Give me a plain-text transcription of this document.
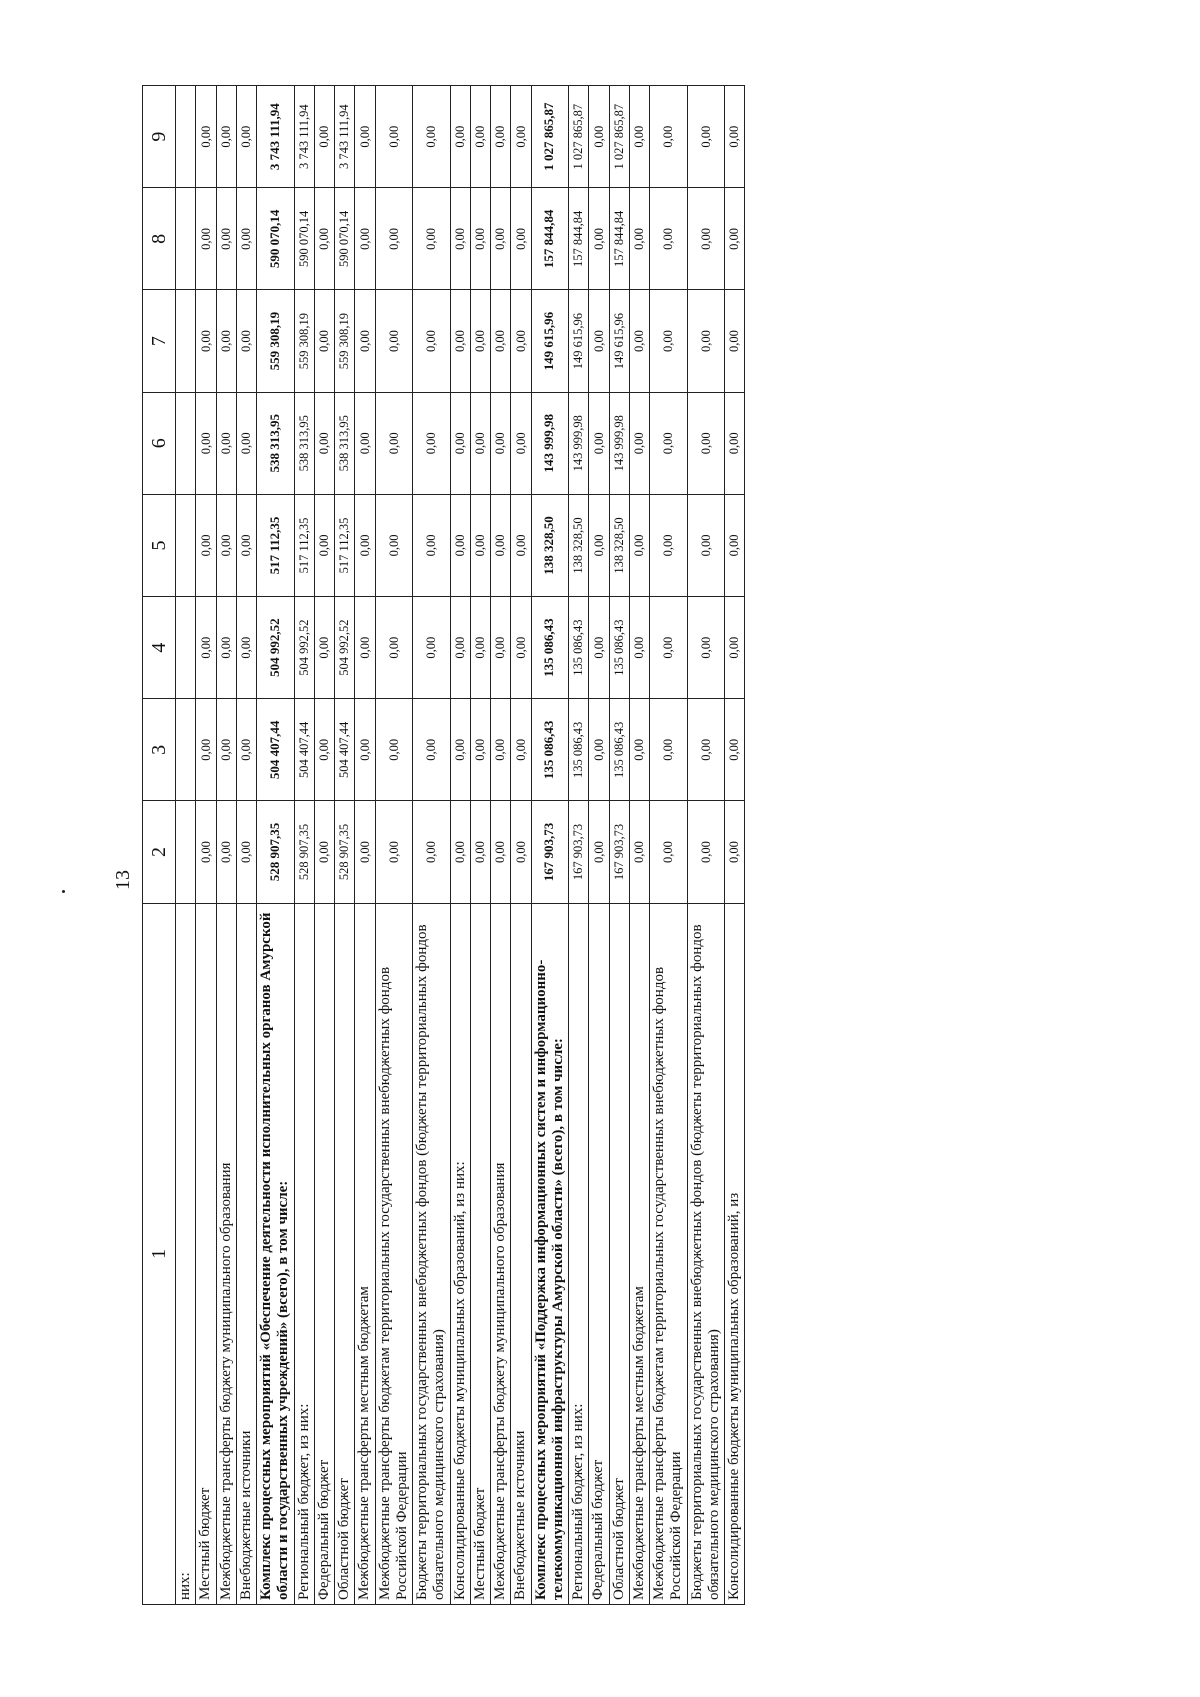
13
1	2	3	4	5	6	7	8	9
них:								
Местный бюджет	0,00	0,00	0,00	0,00	0,00	0,00	0,00	0,00
Межбюджетные трансферты бюджету муниципального образования	0,00	0,00	0,00	0,00	0,00	0,00	0,00	0,00
Внебюджетные источники	0,00	0,00	0,00	0,00	0,00	0,00	0,00	0,00
Комплекс процессных мероприятий «Обеспечение деятельности исполнительных органов Амурской области и государственных учреждений» (всего), в том числе:	528 907,35	504 407,44	504 992,52	517 112,35	538 313,95	559 308,19	590 070,14	3 743 111,94
Региональный бюджет, из них:	528 907,35	504 407,44	504 992,52	517 112,35	538 313,95	559 308,19	590 070,14	3 743 111,94
Федеральный бюджет	0,00	0,00	0,00	0,00	0,00	0,00	0,00	0,00
Областной бюджет	528 907,35	504 407,44	504 992,52	517 112,35	538 313,95	559 308,19	590 070,14	3 743 111,94
Межбюджетные трансферты местным бюджетам	0,00	0,00	0,00	0,00	0,00	0,00	0,00	0,00
Межбюджетные трансферты бюджетам территориальных государственных внебюджетных фондов Российской Федерации	0,00	0,00	0,00	0,00	0,00	0,00	0,00	0,00
Бюджеты территориальных государственных внебюджетных фондов (бюджеты территориальных фондов обязательного медицинского страхования)	0,00	0,00	0,00	0,00	0,00	0,00	0,00	0,00
Консолидированные бюджеты муниципальных образований, из них:	0,00	0,00	0,00	0,00	0,00	0,00	0,00	0,00
Местный бюджет	0,00	0,00	0,00	0,00	0,00	0,00	0,00	0,00
Межбюджетные трансферты бюджету муниципального образования	0,00	0,00	0,00	0,00	0,00	0,00	0,00	0,00
Внебюджетные источники	0,00	0,00	0,00	0,00	0,00	0,00	0,00	0,00
Комплекс процессных мероприятий «Поддержка информационных систем и информационно-телекоммуникационной инфраструктуры Амурской области» (всего), в том числе:	167 903,73	135 086,43	135 086,43	138 328,50	143 999,98	149 615,96	157 844,84	1 027 865,87
Региональный бюджет, из них:	167 903,73	135 086,43	135 086,43	138 328,50	143 999,98	149 615,96	157 844,84	1 027 865,87
Федеральный бюджет	0,00	0,00	0,00	0,00	0,00	0,00	0,00	0,00
Областной бюджет	167 903,73	135 086,43	135 086,43	138 328,50	143 999,98	149 615,96	157 844,84	1 027 865,87
Межбюджетные трансферты местным бюджетам	0,00	0,00	0,00	0,00	0,00	0,00	0,00	0,00
Межбюджетные трансферты бюджетам территориальных государственных внебюджетных фондов Российской Федерации	0,00	0,00	0,00	0,00	0,00	0,00	0,00	0,00
Бюджеты территориальных государственных внебюджетных фондов (бюджеты территориальных фондов обязательного медицинского страхования)	0,00	0,00	0,00	0,00	0,00	0,00	0,00	0,00
Консолидированные бюджеты муниципальных образований, из	0,00	0,00	0,00	0,00	0,00	0,00	0,00	0,00
